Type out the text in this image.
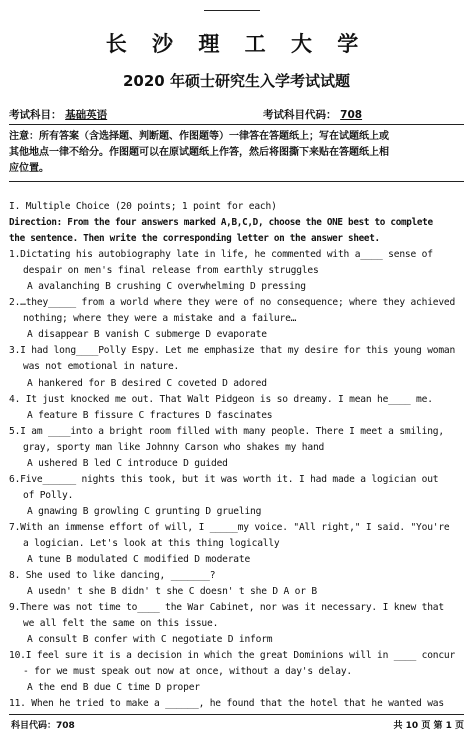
长 沙 理 工 大 学
2020 年硕士研究生入学考试试题
考试科目： 基础英语	考试科目代码： 708
注意：所有答案（含选择题、判断题、作图题等）一律答在答题纸上；写在试题纸上或
其他地点一律不给分。作图题可以在原试题纸上作答，然后将图撕下来贴在答题纸上相
应位置。
I. Multiple Choice (20 points; 1 point for each)
Direction: From the four answers marked A,B,C,D, choose the ONE best to complete
the sentence. Then write the corresponding letter on the answer sheet.
1.Dictating his autobiography late in life, he commented with a____ sense of
despair on men's final release from earthly struggles
A avalanching B crushing C overwhelming D pressing
2.…they_____ from a world where they were of no consequence; where they achieved
nothing; where they were a mistake and a failure…
A disappear B vanish C submerge D evaporate
3.I had long____Polly Espy. Let me emphasize that my desire for this young woman
was not emotional in nature.
A hankered for B desired C coveted D adored
4. It just knocked me out. That Walt Pidgeon is so dreamy. I mean he____ me.
A feature B fissure C fractures D fascinates
5.I am ____into a bright room filled with many people. There I meet a smiling,
gray, sporty man like Johnny Carson who shakes my hand
A ushered B led C introduce D guided
6.Five______ nights this took, but it was worth it. I had made a logician out
of Polly.
A gnawing B growling C grunting D grueling
7.With an immense effort of will, I _____my voice. "All right," I said. "You're
a logician. Let's look at this thing logically
A tune B modulated C modified D moderate
8. She used to like dancing, _______?
A usedn' t she B didn' t she C doesn' t she D A or B
9.There was not time to____ the War Cabinet, nor was it necessary. I knew that
we all felt the same on this issue.
A consult B confer with C negotiate D inform
10.I feel sure it is a decision in which the great Dominions will in ____ concur
- for we must speak out now at once, without a day's delay.
A the end B due C time D proper
11. When he tried to make a ______, he found that the hotel that he wanted was
科目代码：708	共 10 页 第 1 页
